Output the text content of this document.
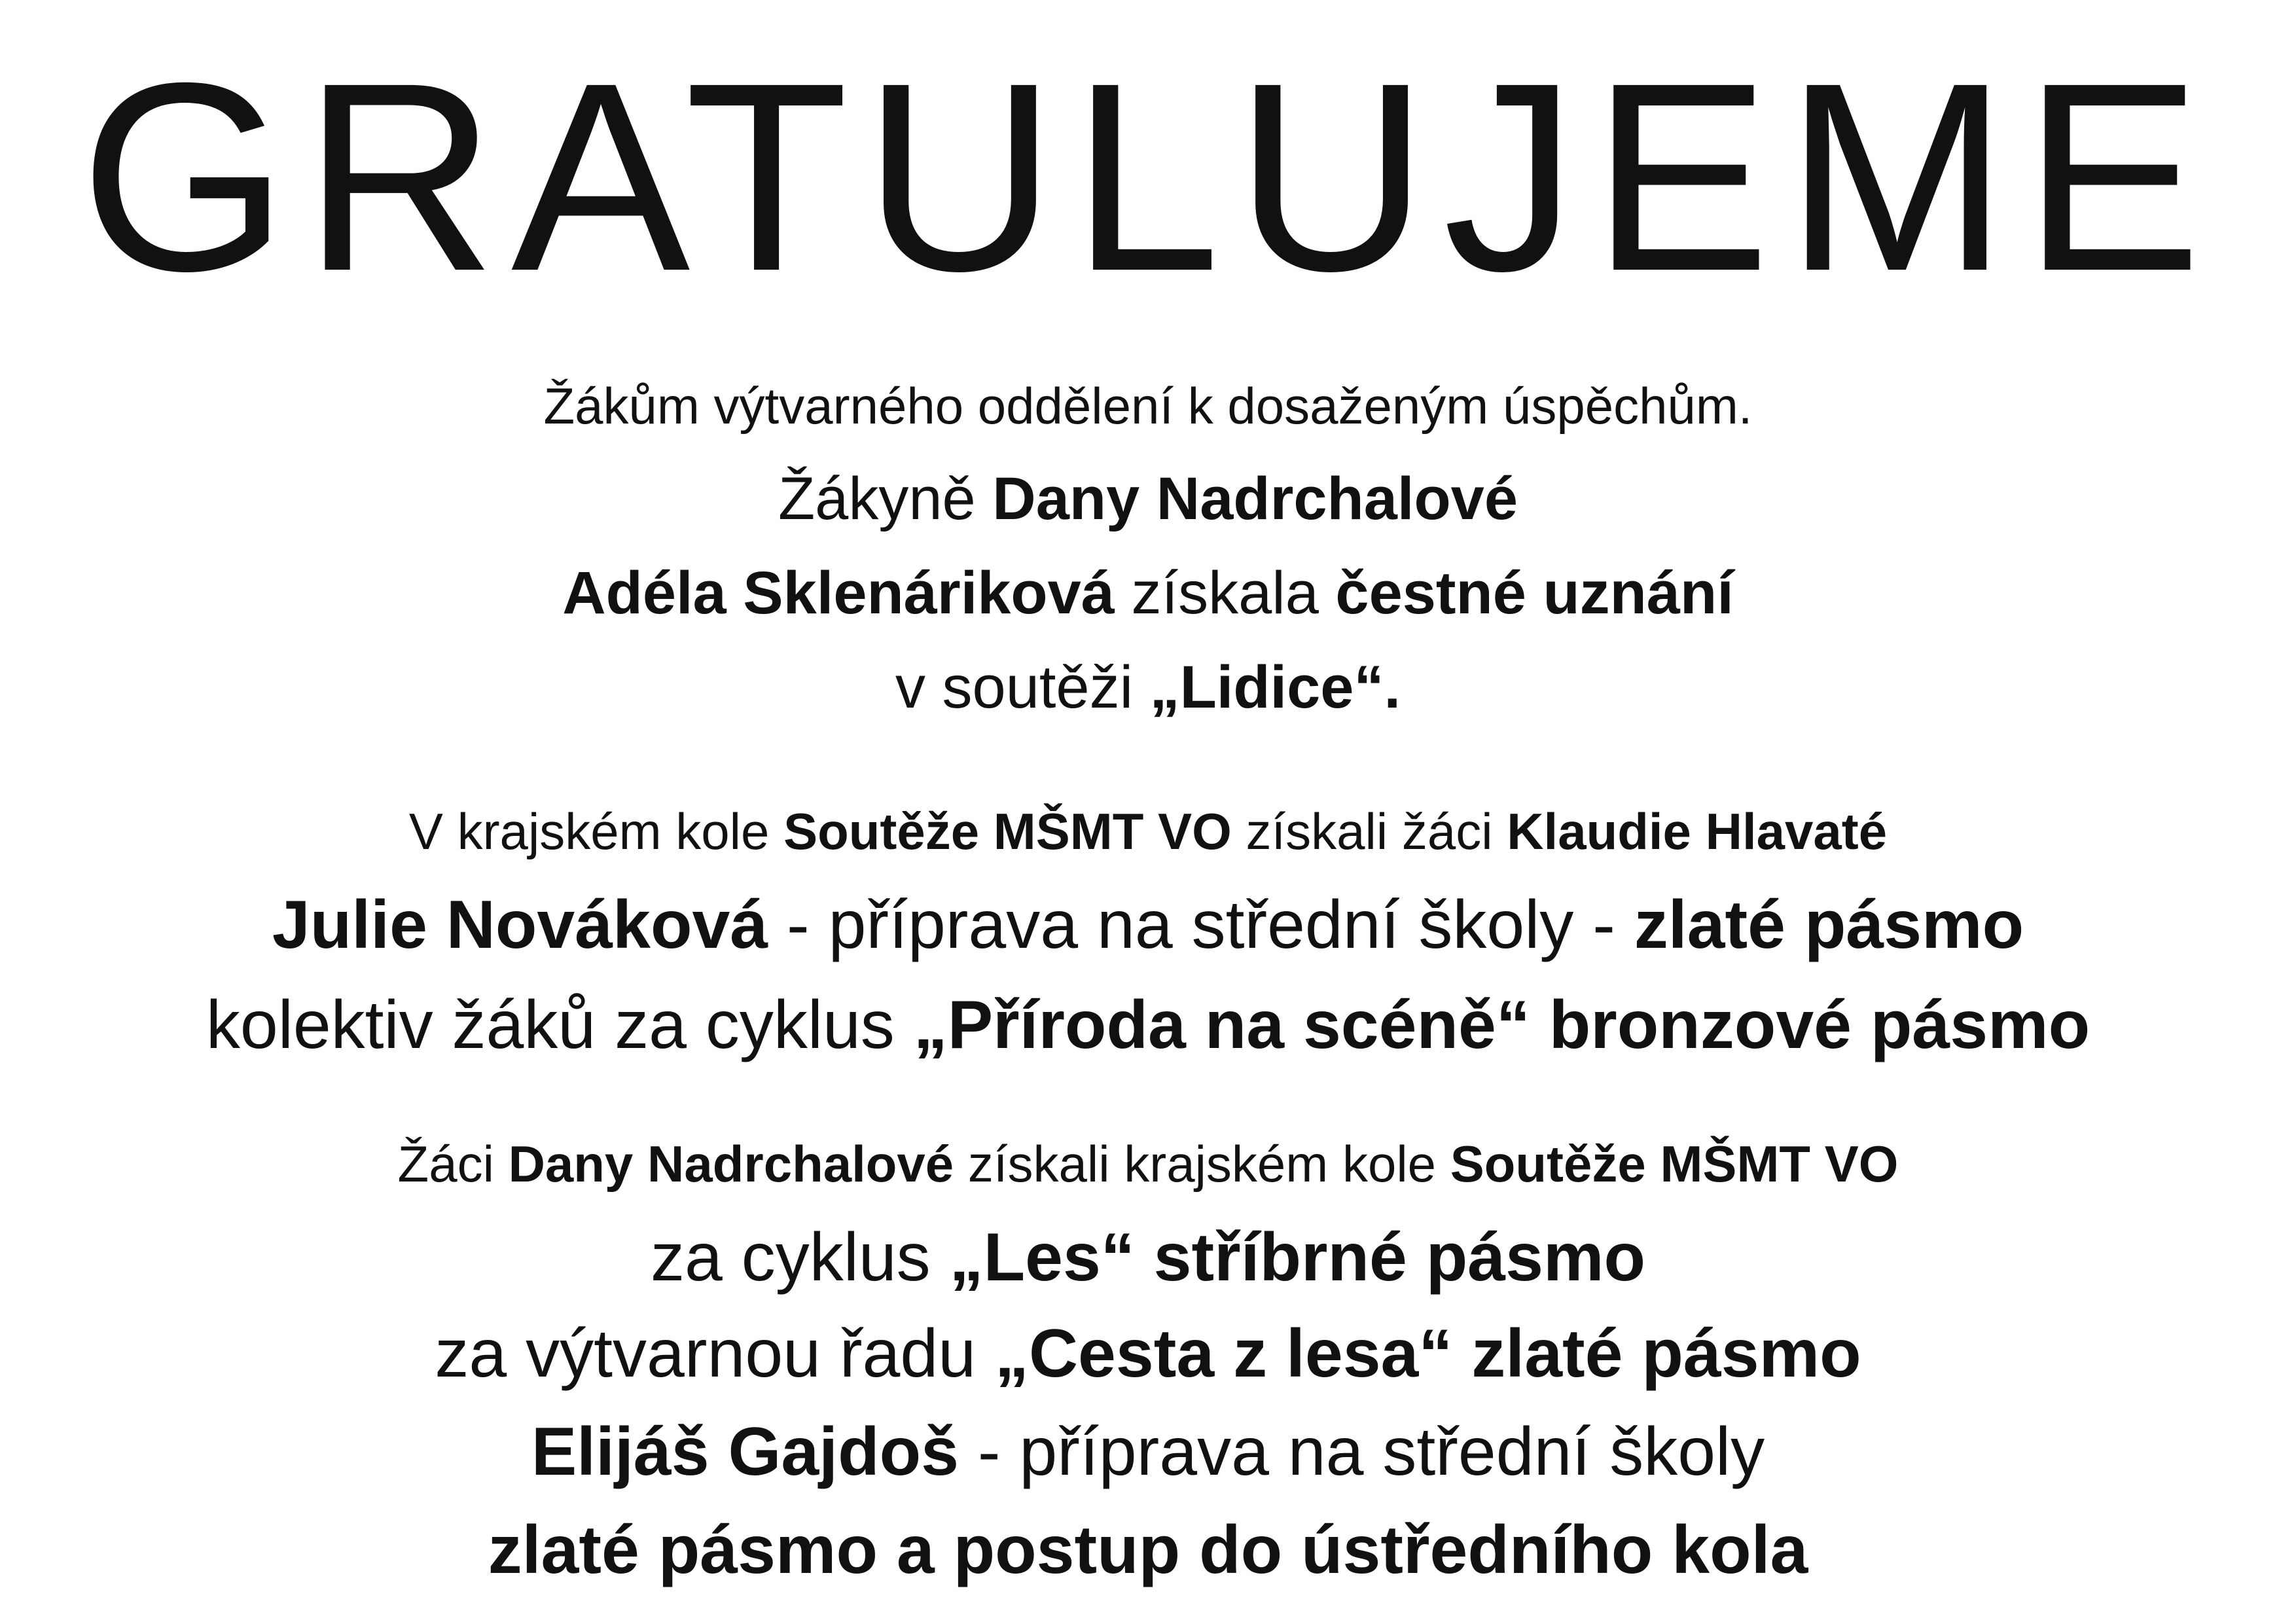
GRATULUJEME
Žákům výtvarného oddělení k dosaženým úspěchům.
Žákyně Dany Nadrchalové
Adéla Sklenáriková získala čestné uznání
v soutěži „Lidice“.
V krajském kole Soutěže MŠMT VO získali žáci Klaudie Hlavaté
Julie Nováková - příprava na střední školy - zlaté pásmo
kolektiv žáků za cyklus „Příroda na scéně“ bronzové pásmo
Žáci Dany Nadrchalové získali krajském kole Soutěže MŠMT VO
za cyklus „Les“ stříbrné pásmo
za výtvarnou řadu „Cesta z lesa“ zlaté pásmo
Elijáš Gajdoš - příprava na střední školy
zlaté pásmo a postup do ústředního kola
